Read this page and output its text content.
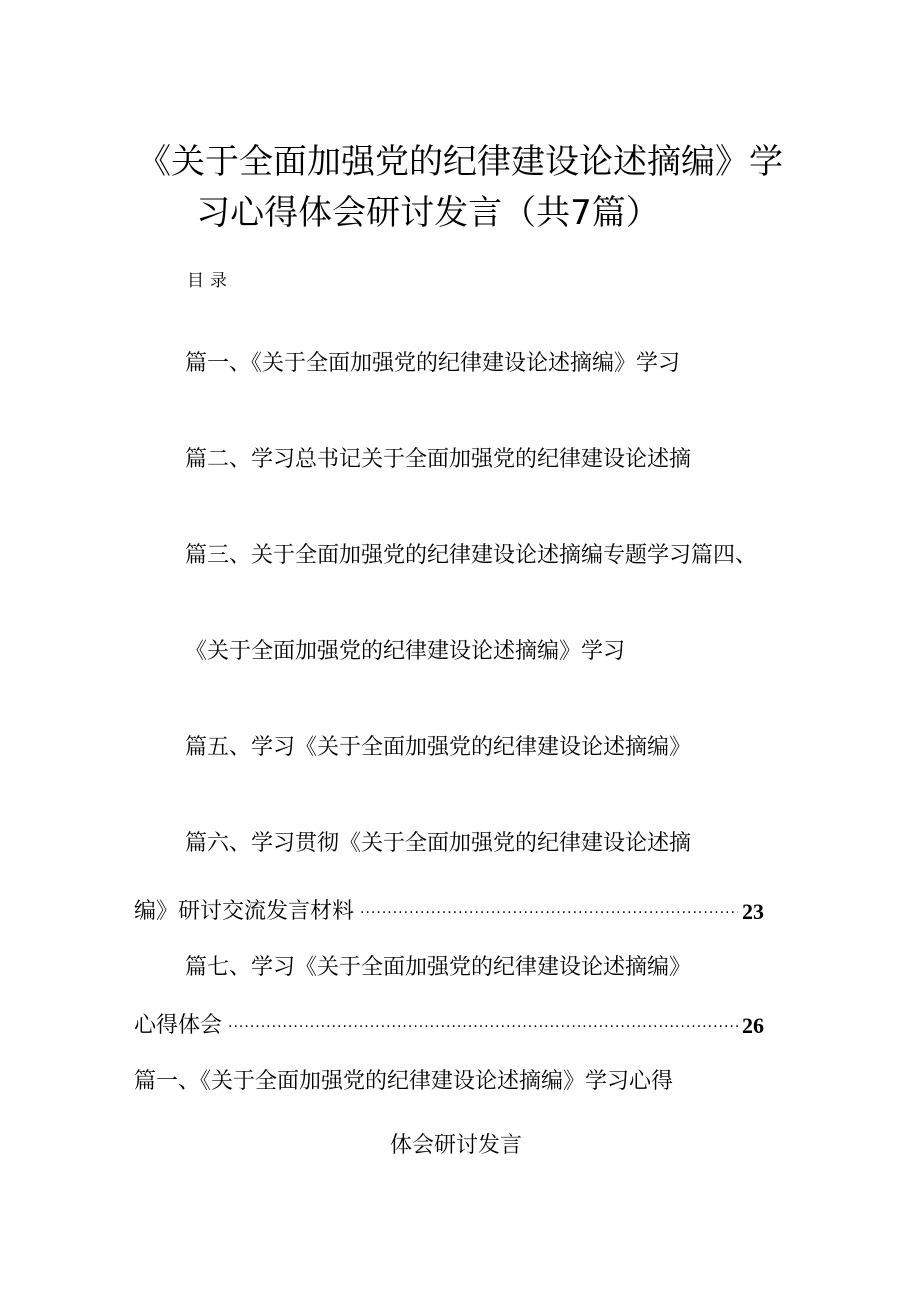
《关于全面加强党的纪律建设论述摘编》学
习心得体会研讨发言（共7篇）
目录
篇一、《关于全面加强党的纪律建设论述摘编》学习
篇二、学习总书记关于全面加强党的纪律建设论述摘
篇三、关于全面加强党的纪律建设论述摘编专题学习篇四、
《关于全面加强党的纪律建设论述摘编》学习
篇五、学习《关于全面加强党的纪律建设论述摘编》
篇六、学习贯彻《关于全面加强党的纪律建设论述摘
编》研讨交流发言材料 .....	23
篇七、学习《关于全面加强党的纪律建设论述摘编》
心得体会 .....	26
篇一、《关于全面加强党的纪律建设论述摘编》学习心得
体会研讨发言
